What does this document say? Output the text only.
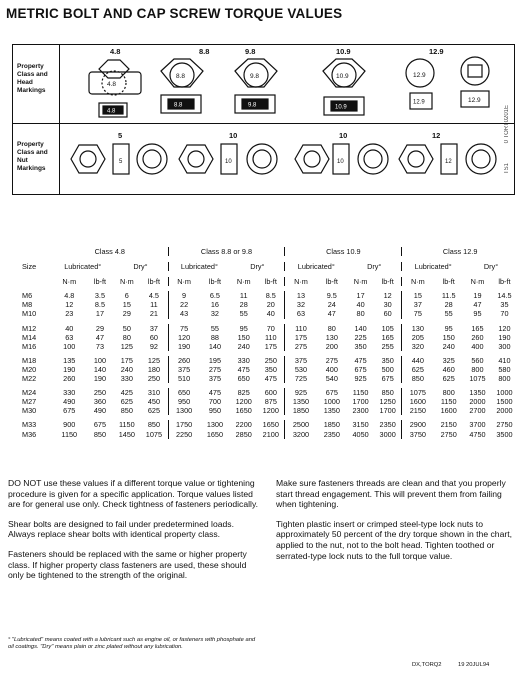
METRIC BOLT AND CAP SCREW TORQUE VALUES
Property Class and Head Markings
Property Class and Nut Markings
4.8	8.8	9.8	10.9	12.9
5	10	10	12
4.8
4.8
8.8
8.8
9.8
9.8
10.9
10.9
12.9
12.9	12.9
5	10	10	12
0 TORT0201E
TS1
	Class 4.8				Class 8.8 or 9.8				Class 10.9				Class 12.9			

Size	Lubricated°		Dry°		Lubricated°		Dry°		Lubricated°		Dry°		Lubricated°		Dry°	

	N·m	lb-ft	N·m	lb-ft	N·m	lb-ft	N·m	lb-ft	N·m	lb-ft	N·m	lb-ft	N·m	lb-ft	N·m	lb-ft

M6	4.8	3.5	6	4.5	9	6.5	11	8.5	13	9.5	17	12	15	11.5	19	14.5
M8	12	8.5	15	11	22	16	28	20	32	24	40	30	37	28	47	35
M10	23	17	29	21	43	32	55	40	63	47	80	60	75	55	95	70

M12	40	29	50	37	75	55	95	70	110	80	140	105	130	95	165	120
M14	63	47	80	60	120	88	150	110	175	130	225	165	205	150	260	190
M16	100	73	125	92	190	140	240	175	275	200	350	255	320	240	400	300

M18	135	100	175	125	260	195	330	250	375	275	475	350	440	325	560	410
M20	190	140	240	180	375	275	475	350	530	400	675	500	625	460	800	580
M22	260	190	330	250	510	375	650	475	725	540	925	675	850	625	1075	800

M24	330	250	425	310	650	475	825	600	925	675	1150	850	1075	800	1350	1000
M27	490	360	625	450	950	700	1200	875	1350	1000	1700	1250	1600	1150	2000	1500
M30	675	490	850	625	1300	950	1650	1200	1850	1350	2300	1700	2150	1600	2700	2000

M33	900	675	1150	850	1750	1300	2200	1650	2500	1850	3150	2350	2900	2150	3700	2750
M36	1150	850	1450	1075	2250	1650	2850	2100	3200	2350	4050	3000	3750	2750	4750	3500

DO NOT use these values if a different torque value or tightening procedure is given for a specific application. Torque values listed are for general use only. Check tightness of fasteners periodically.

Shear bolts are designed to fail under predetermined loads. Always replace shear bolts with identical property class.

Fasteners should be replaced with the same or higher property class. If higher property class fasteners are used, these should only be tightened to the strength of the original.

Make sure fasteners threads are clean and that you properly start thread engagement. This will prevent them from failing when tightening.

Tighten plastic insert or crimped steel-type lock nuts to approximately 50 percent of the dry torque shown in the chart, applied to the nut, not to the bolt head. Tighten toothed or serrated-type lock nuts to the full torque value.

° "Lubricated" means coated with a lubricant such as engine oil, or fasteners with phosphate and oil coatings. "Dry" means plain or zinc plated without any lubrication.
DX,TORQ2	19 20JUL94
